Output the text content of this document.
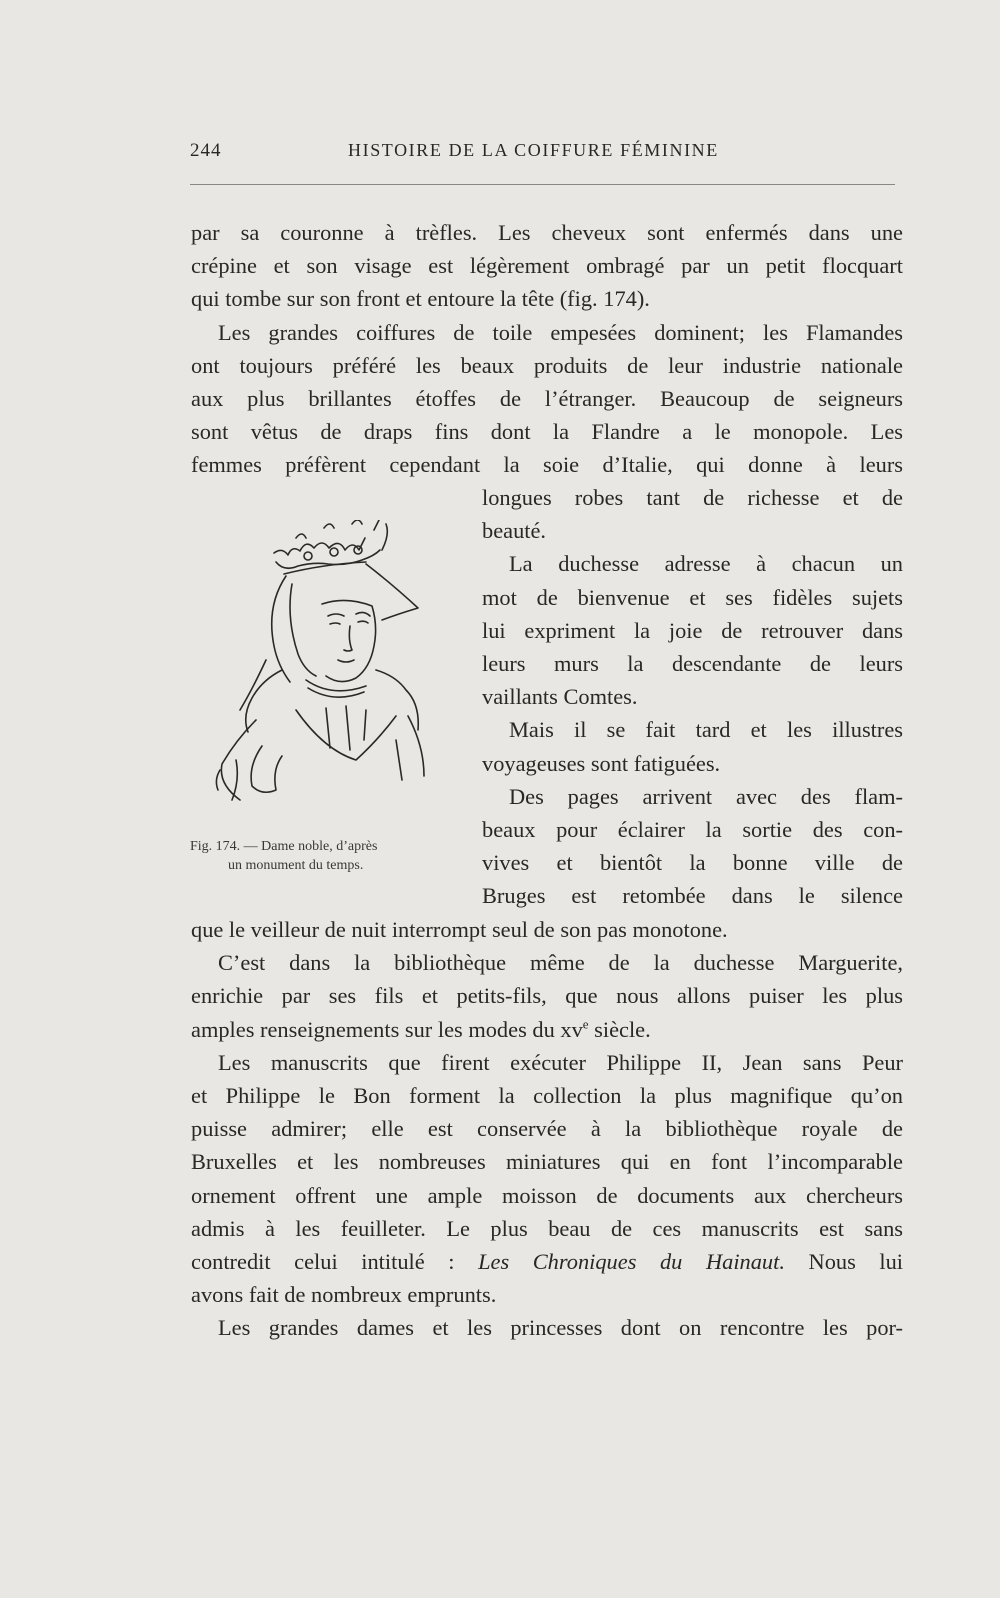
244	HISTOIRE DE LA COIFFURE FÉMININE
par sa couronne à trèfles. Les cheveux sont enfermés dans une
crépine et son visage est légèrement ombragé par un petit flocquart
qui tombe sur son front et entoure la tête (fig. 174).
Les grandes coiffures de toile empesées dominent; les Flamandes
ont toujours préféré les beaux produits de leur industrie nationale
aux plus brillantes étoffes de l’étranger. Beaucoup de seigneurs
sont vêtus de draps fins dont la Flandre a le monopole. Les
femmes préfèrent cependant la soie d’Italie, qui donne à leurs
longues robes tant de richesse et de
beauté.
La duchesse adresse à chacun un
mot de bienvenue et ses fidèles sujets
lui expriment la joie de retrouver dans
leurs murs la descendante de leurs
vaillants Comtes.
Mais il se fait tard et les illustres
voyageuses sont fatiguées.
Des pages arrivent avec des flam-
beaux pour éclairer la sortie des con-
vives et bientôt la bonne ville de
Bruges est retombée dans le silence
Fig. 174. — Dame noble, d’après
un monument du temps.
que le veilleur de nuit interrompt seul de son pas monotone.
C’est dans la bibliothèque même de la duchesse Marguerite,
enrichie par ses fils et petits-fils, que nous allons puiser les plus
amples renseignements sur les modes du $xv^e$ siècle.
Les manuscrits que firent exécuter Philippe II, Jean sans Peur
et Philippe le Bon forment la collection la plus magnifique qu’on
puisse admirer; elle est conservée à la bibliothèque royale de
Bruxelles et les nombreuses miniatures qui en font l’incomparable
ornement offrent une ample moisson de documents aux chercheurs
admis à les feuilleter. Le plus beau de ces manuscrits est sans
contredit celui intitulé : Les Chroniques du Hainaut. Nous lui
avons fait de nombreux emprunts.
Les grandes dames et les princesses dont on rencontre les por-
